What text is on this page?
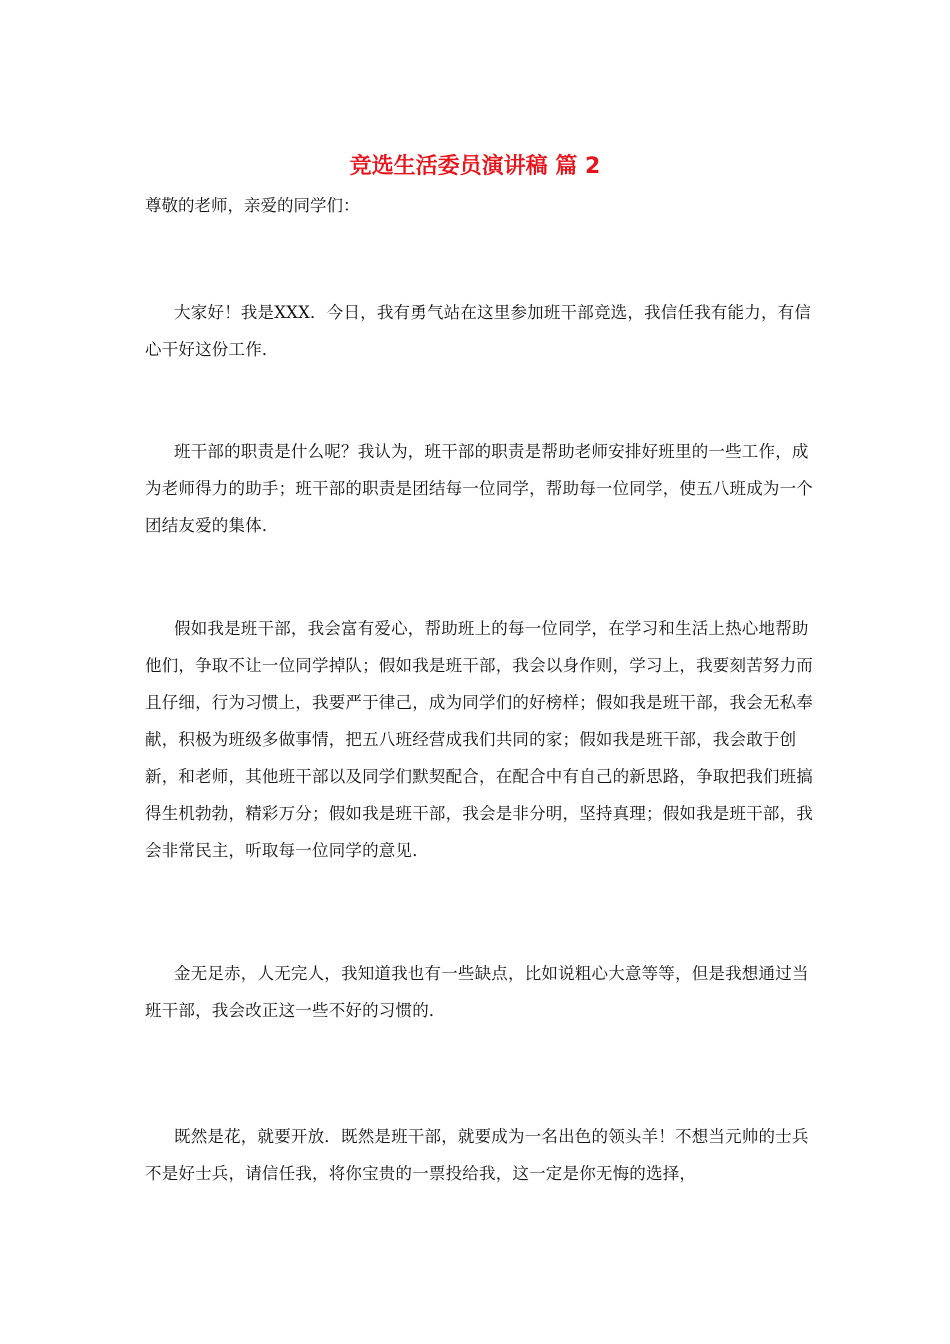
竞选生活委员演讲稿 篇 2

尊敬的老师，亲爱的同学们：

大家好！我是XXX．今日，我有勇气站在这里参加班干部竞选，我信任我有能力，有信心干好这份工作．

班干部的职责是什么呢？我认为，班干部的职责是帮助老师安排好班里的一些工作，成为老师得力的助手；班干部的职责是团结每一位同学，帮助每一位同学，使五八班成为一个团结友爱的集体．

假如我是班干部，我会富有爱心，帮助班上的每一位同学，在学习和生活上热心地帮助他们，争取不让一位同学掉队；假如我是班干部，我会以身作则，学习上，我要刻苦努力而且仔细，行为习惯上，我要严于律己，成为同学们的好榜样；假如我是班干部，我会无私奉献，积极为班级多做事情，把五八班经营成我们共同的家；假如我是班干部，我会敢于创新，和老师，其他班干部以及同学们默契配合，在配合中有自己的新思路，争取把我们班搞得生机勃勃，精彩万分；假如我是班干部，我会是非分明，坚持真理；假如我是班干部，我会非常民主，听取每一位同学的意见．

金无足赤，人无完人，我知道我也有一些缺点，比如说粗心大意等等，但是我想通过当班干部，我会改正这一些不好的习惯的．

既然是花，就要开放．既然是班干部，就要成为一名出色的领头羊！不想当元帅的士兵不是好士兵，请信任我，将你宝贵的一票投给我，这一定是你无悔的选择，
